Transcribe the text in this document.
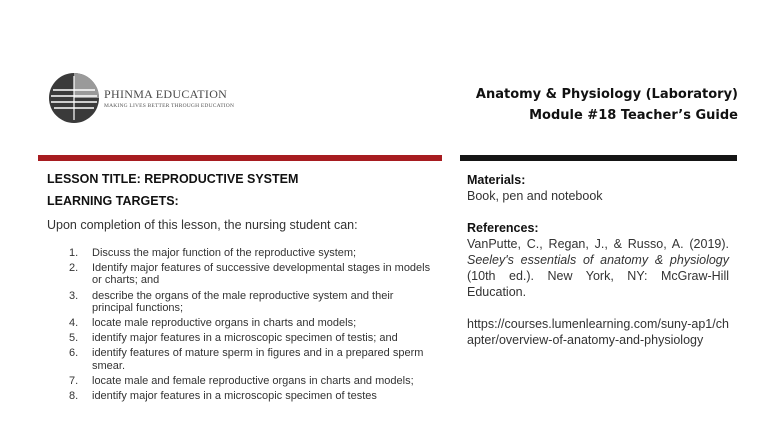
PHINMA EDUCATION
MAKING LIVES BETTER THROUGH EDUCATION
Anatomy & Physiology (Laboratory)
Module #18 Teacher’s Guide

LESSON TITLE: REPRODUCTIVE SYSTEM

LEARNING TARGETS:

Upon completion of this lesson, the nursing student can:

1. Discuss the major function of the reproductive system;
2. Identify major features of successive developmental stages in models or charts; and
3. describe the organs of the male reproductive system and their principal functions;
4. locate male reproductive organs in charts and models;
5. identify major features in a microscopic specimen of testis; and
6. identify features of mature sperm in figures and in a prepared sperm smear.
7. locate male and female reproductive organs in charts and models;
8. identify major features in a microscopic specimen of testes

Materials:

Book, pen and notebook

References:

VanPutte, C., Regan, J., & Russo, A. (2019). Seeley's essentials of anatomy & physiology (10th ed.). New York, NY: McGraw-Hill Education.

https://courses.lumenlearning.com/suny-ap1/chapter/overview-of-anatomy-and-physiology
